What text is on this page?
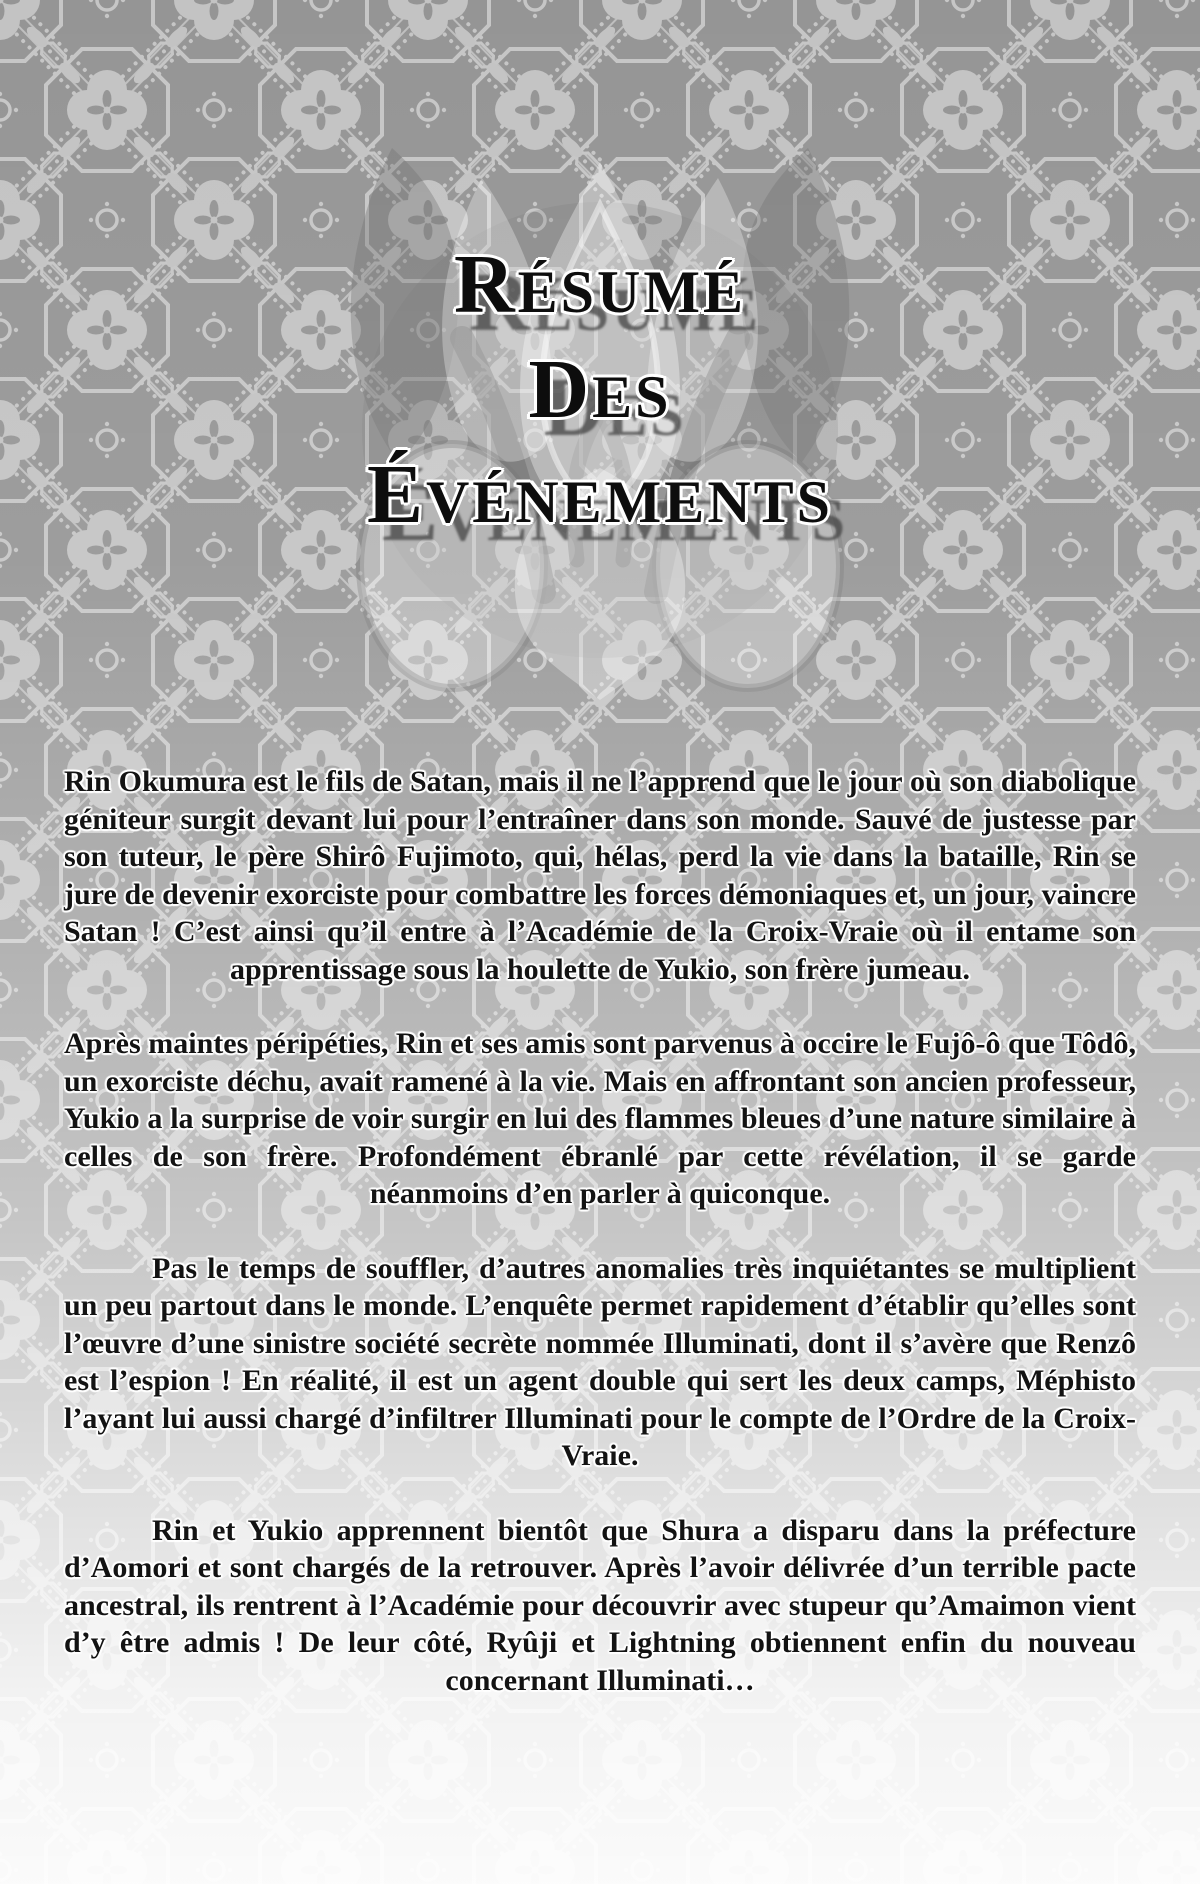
RÉSUMÉ
DES
ÉVÉNEMENTS

Rin Okumura est le fils de Satan, mais il ne l’apprend que le jour où son diabolique géniteur surgit devant lui pour l’entraîner dans son monde. Sauvé de justesse par son tuteur, le père Shirô Fujimoto, qui, hélas, perd la vie dans la bataille, Rin se jure de devenir exorciste pour combattre les forces démoniaques et, un jour, vaincre Satan ! C’est ainsi qu’il entre à l’Académie de la Croix-Vraie où il entame son apprentissage sous la houlette de Yukio, son frère jumeau.

Après maintes péripéties, Rin et ses amis sont parvenus à occire le Fujô-ô que Tôdô, un exorciste déchu, avait ramené à la vie. Mais en affrontant son ancien professeur, Yukio a la surprise de voir surgir en lui des flammes bleues d’une nature similaire à celles de son frère. Profondément ébranlé par cette révélation, il se garde néanmoins d’en parler à quiconque.

Pas le temps de souffler, d’autres anomalies très inquiétantes se multiplient un peu partout dans le monde. L’enquête permet rapidement d’établir qu’elles sont l’œuvre d’une sinistre société secrète nommée Illuminati, dont il s’avère que Renzô est l’espion ! En réalité, il est un agent double qui sert les deux camps, Méphisto l’ayant lui aussi chargé d’infiltrer Illuminati pour le compte de l’Ordre de la Croix-Vraie.

Rin et Yukio apprennent bientôt que Shura a disparu dans la préfecture d’Aomori et sont chargés de la retrouver. Après l’avoir délivrée d’un terrible pacte ancestral, ils rentrent à l’Académie pour découvrir avec stupeur qu’Amaimon vient d’y être admis ! De leur côté, Ryûji et Lightning obtiennent enfin du nouveau concernant Illuminati…
